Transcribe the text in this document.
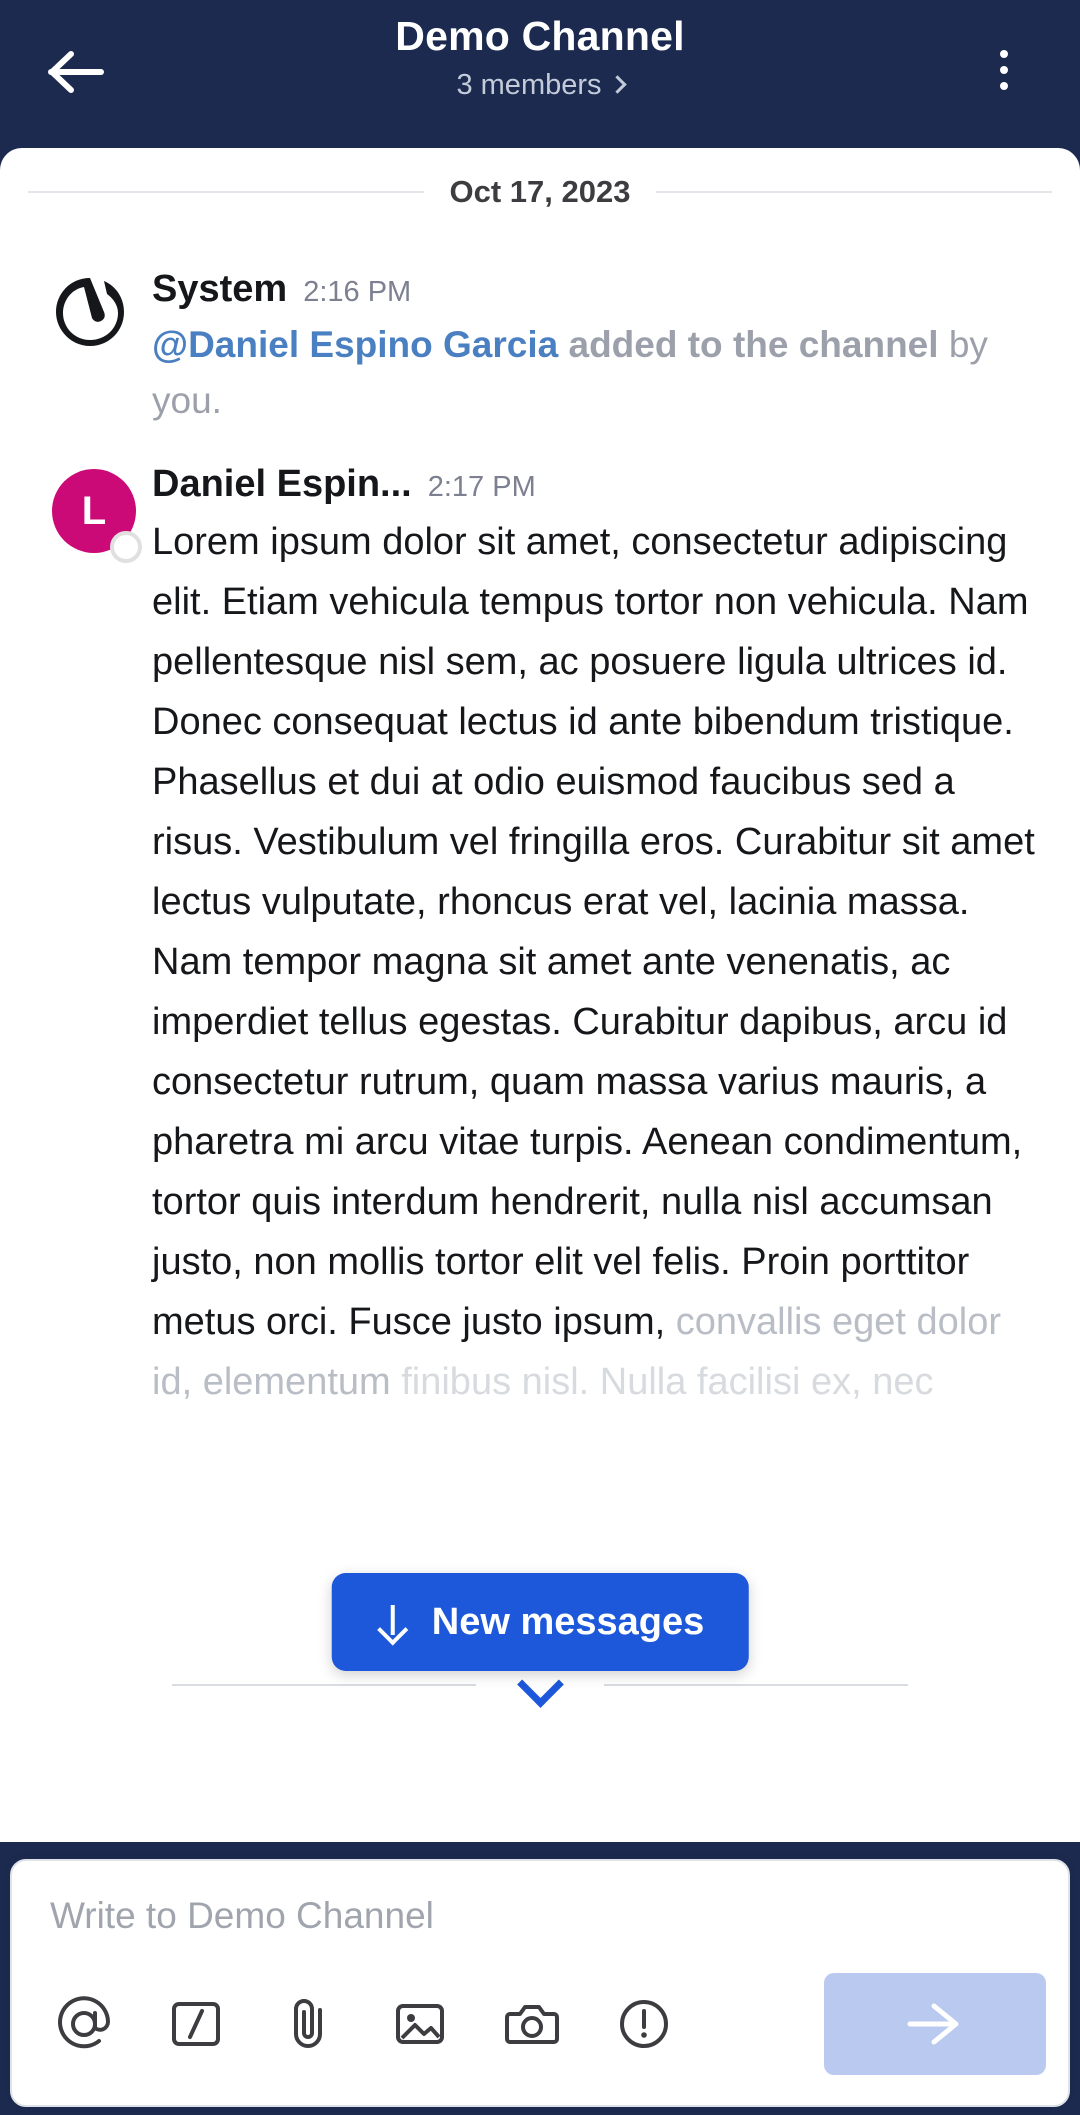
Demo Channel
3 members
Oct 17, 2023
System 2:16 PM
@Daniel Espino Garcia added to the channel by you.
L
Daniel Espin... 2:17 PM
Lorem ipsum dolor sit amet, consectetur adipiscing elit. Etiam vehicula tempus tortor non vehicula. Nam pellentesque nisl sem, ac posuere ligula ultrices id. Donec consequat lectus id ante bibendum tristique. Phasellus et dui at odio euismod faucibus sed a risus. Vestibulum vel fringilla eros. Curabitur sit amet lectus vulputate, rhoncus erat vel, lacinia massa. Nam tempor magna sit amet ante venenatis, ac imperdiet tellus egestas. Curabitur dapibus, arcu id consectetur rutrum, quam massa varius mauris, a pharetra mi arcu vitae turpis. Aenean condimentum, tortor quis interdum hendrerit, nulla nisl accumsan justo, non mollis tortor elit vel felis. Proin porttitor metus orci. Fusce justo ipsum, convallis eget dolor id, elementum finibus nisl. Nulla facilisi ex, nec
New messages
Write to Demo Channel
